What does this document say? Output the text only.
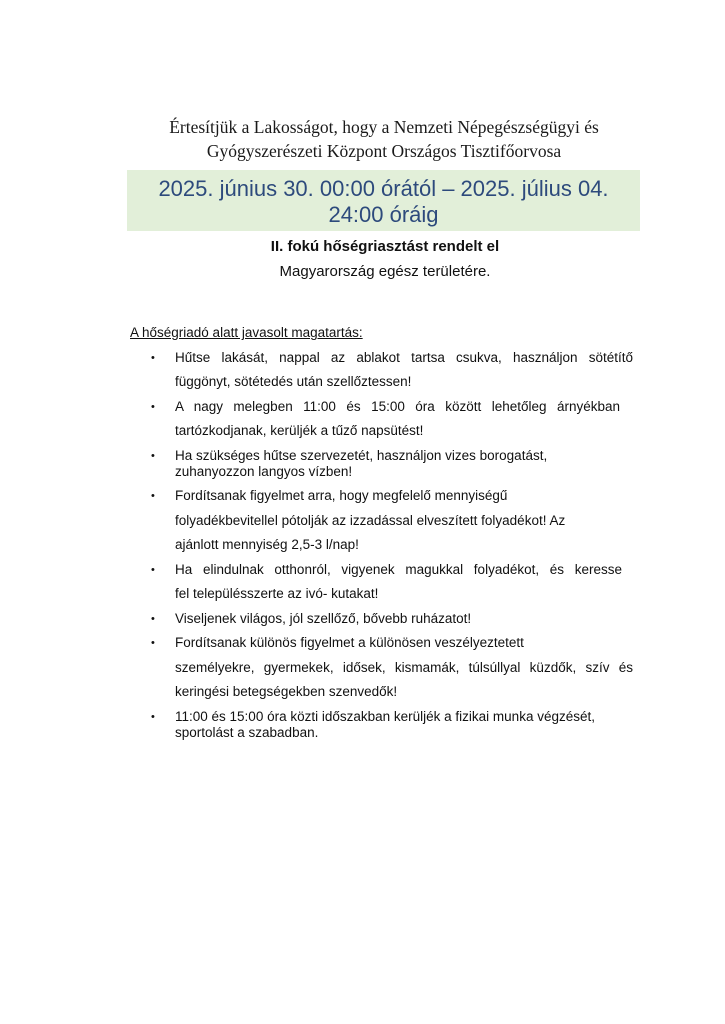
Értesítjük a Lakosságot, hogy a Nemzeti Népegészségügyi és
Gyógyszerészeti Központ Országos Tisztifőorvosa
2025. június 30. 00:00 órától – 2025. július 04.
24:00 óráig
II. fokú hőségriasztást rendelt el
Magyarország egész területére.
A hőségriadó alatt javasolt magatartás:
• Hűtse lakását, nappal az ablakot tartsa csukva, használjon sötétítő
függönyt, sötétedés után szellőztessen!
• A nagy melegben 11:00 és 15:00 óra között lehetőleg árnyékban
tartózkodjanak, kerüljék a tűző napsütést!
• Ha szükséges hűtse szervezetét, használjon vizes borogatást,
zuhanyozzon langyos vízben!
• Fordítsanak figyelmet arra, hogy megfelelő mennyiségű
folyadékbevitellel pótolják az izzadással elveszített folyadékot! Az
ajánlott mennyiség 2,5-3 l/nap!
• Ha elindulnak otthonról, vigyenek magukkal folyadékot, és keresse
fel településszerte az ivó- kutakat!
• Viseljenek világos, jól szellőző, bővebb ruházatot!
• Fordítsanak különös figyelmet a különösen veszélyeztetett
személyekre, gyermekek, idősek, kismamák, túlsúllyal küzdők, szív és
keringési betegségekben szenvedők!
• 11:00 és 15:00 óra közti időszakban kerüljék a fizikai munka végzését,
sportolást a szabadban.
